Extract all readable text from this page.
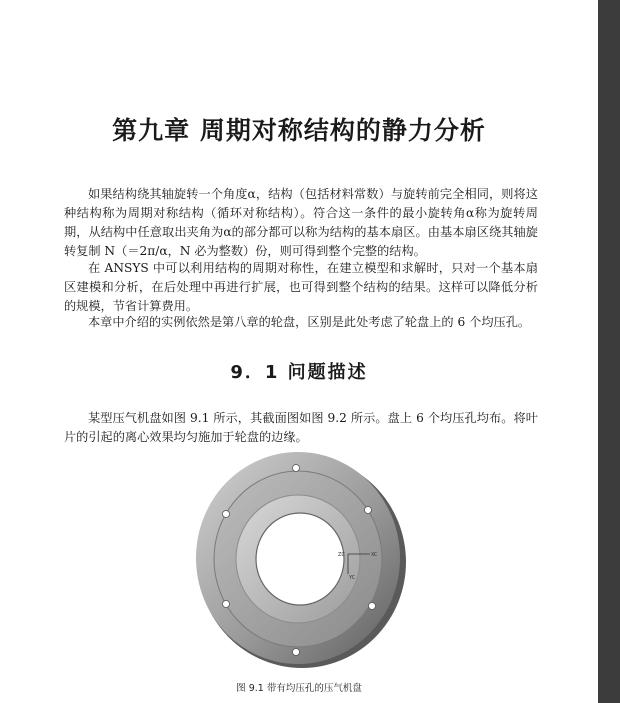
第九章 周期对称结构的静力分析

如果结构绕其轴旋转一个角度α，结构（包括材料常数）与旋转前完全相同，则将这种结构称为周期对称结构（循环对称结构）。符合这一条件的最小旋转角α称为旋转周期，从结构中任意取出夹角为α的部分都可以称为结构的基本扇区。由基本扇区绕其轴旋转复制 N（＝2π/α，N 必为整数）份，则可得到整个完整的结构。

在 ANSYS 中可以利用结构的周期对称性，在建立模型和求解时，只对一个基本扇区建模和分析，在后处理中再进行扩展，也可得到整个结构的结果。这样可以降低分析的规模，节省计算费用。

本章中介绍的实例依然是第八章的轮盘，区别是此处考虑了轮盘上的 6 个均压孔。

9．1 问题描述

某型压气机盘如图 9.1 所示，其截面图如图 9.2 所示。盘上 6 个均压孔均布。将叶片的引起的离心效果均匀施加于轮盘的边缘。

XC
YC
ZC
图 9.1 带有均压孔的压气机盘
